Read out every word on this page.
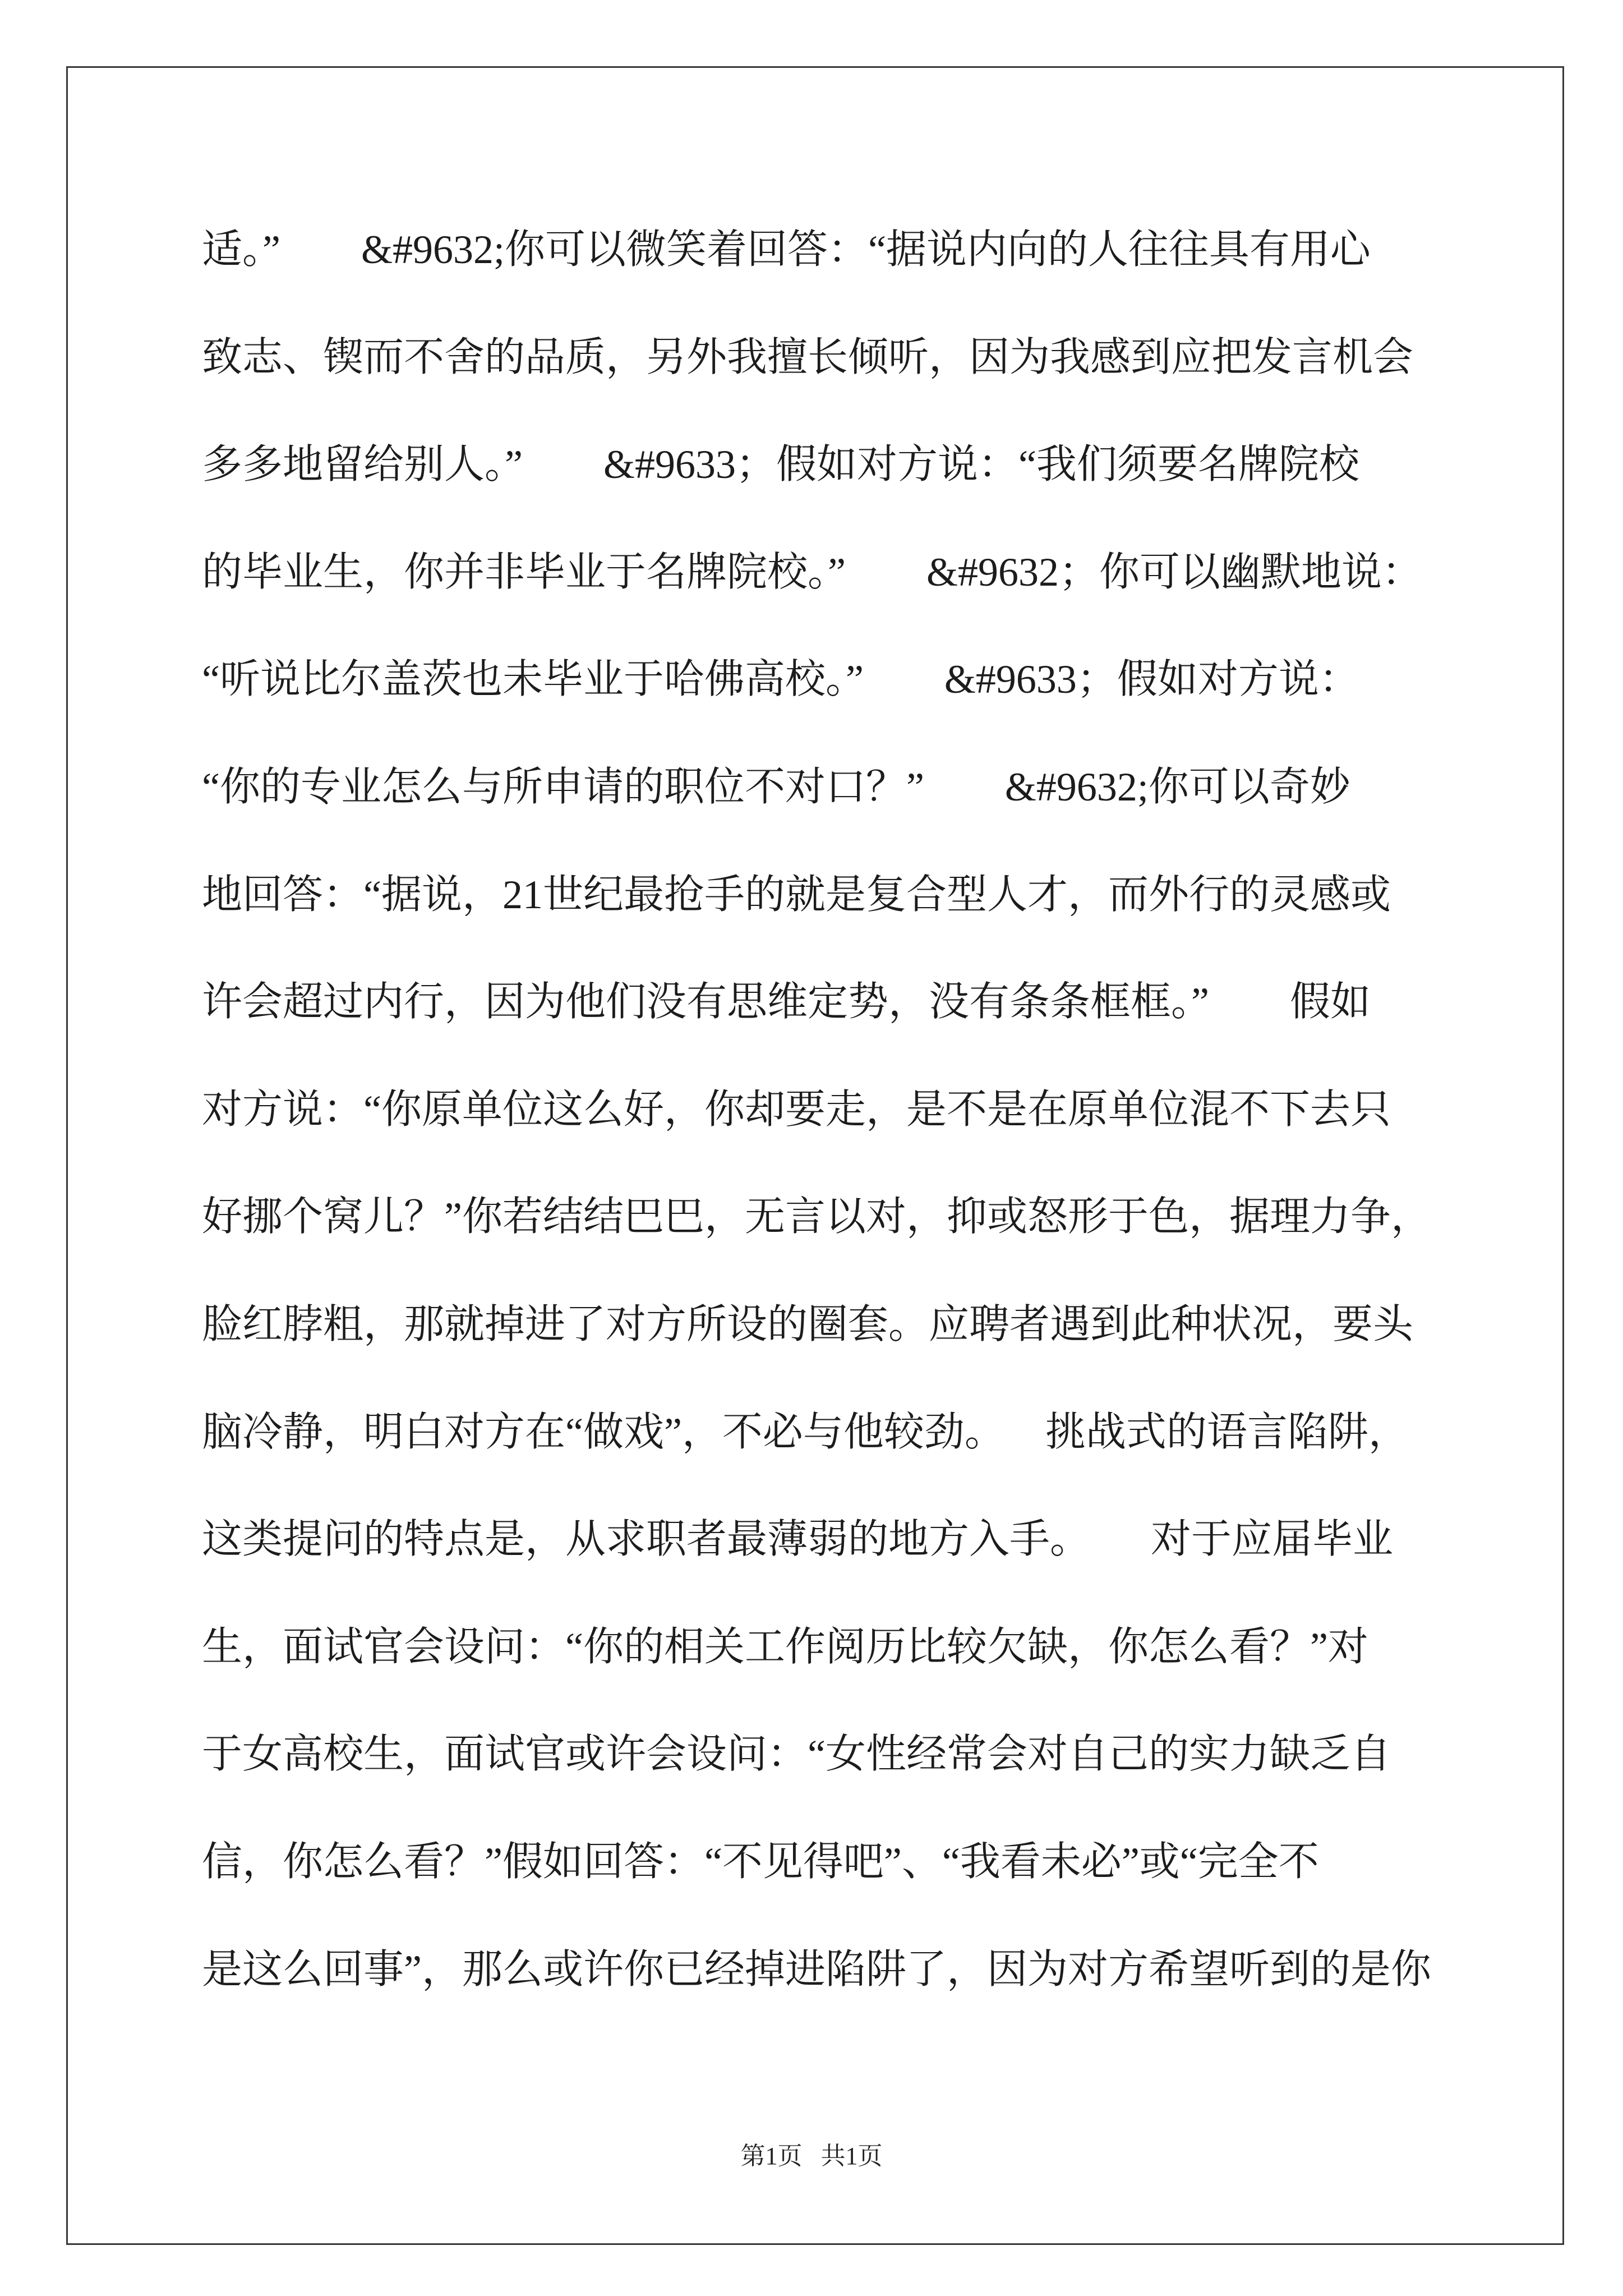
适。”        &#9632;你可以微笑着回答：“据说内向的人往往具有用心
致志、锲而不舍的品质，另外我擅长倾听，因为我感到应把发言机会
多多地留给别人。”        &#9633；假如对方说：“我们须要名牌院校
的毕业生，你并非毕业于名牌院校。”        &#9632；你可以幽默地说：
“听说比尔盖茨也未毕业于哈佛高校。”        &#9633；假如对方说：
“你的专业怎么与所申请的职位不对口？”        &#9632;你可以奇妙
地回答：“据说，21世纪最抢手的就是复合型人才，而外行的灵感或
许会超过内行，因为他们没有思维定势，没有条条框框。”        假如
对方说：“你原单位这么好，你却要走，是不是在原单位混不下去只
好挪个窝儿？”你若结结巴巴，无言以对，抑或怒形于色，据理力争，
脸红脖粗，那就掉进了对方所设的圈套。应聘者遇到此种状况，要头
脑冷静，明白对方在“做戏”，不必与他较劲。    挑战式的语言陷阱，
这类提问的特点是，从求职者最薄弱的地方入手。      对于应届毕业
生，面试官会设问：“你的相关工作阅历比较欠缺，你怎么看？”对
于女高校生，面试官或许会设问：“女性经常会对自己的实力缺乏自
信，你怎么看？”假如回答：“不见得吧”、“我看未必”或“完全不
是这么回事”，那么或许你已经掉进陷阱了，因为对方希望听到的是你
第1页   共1页
